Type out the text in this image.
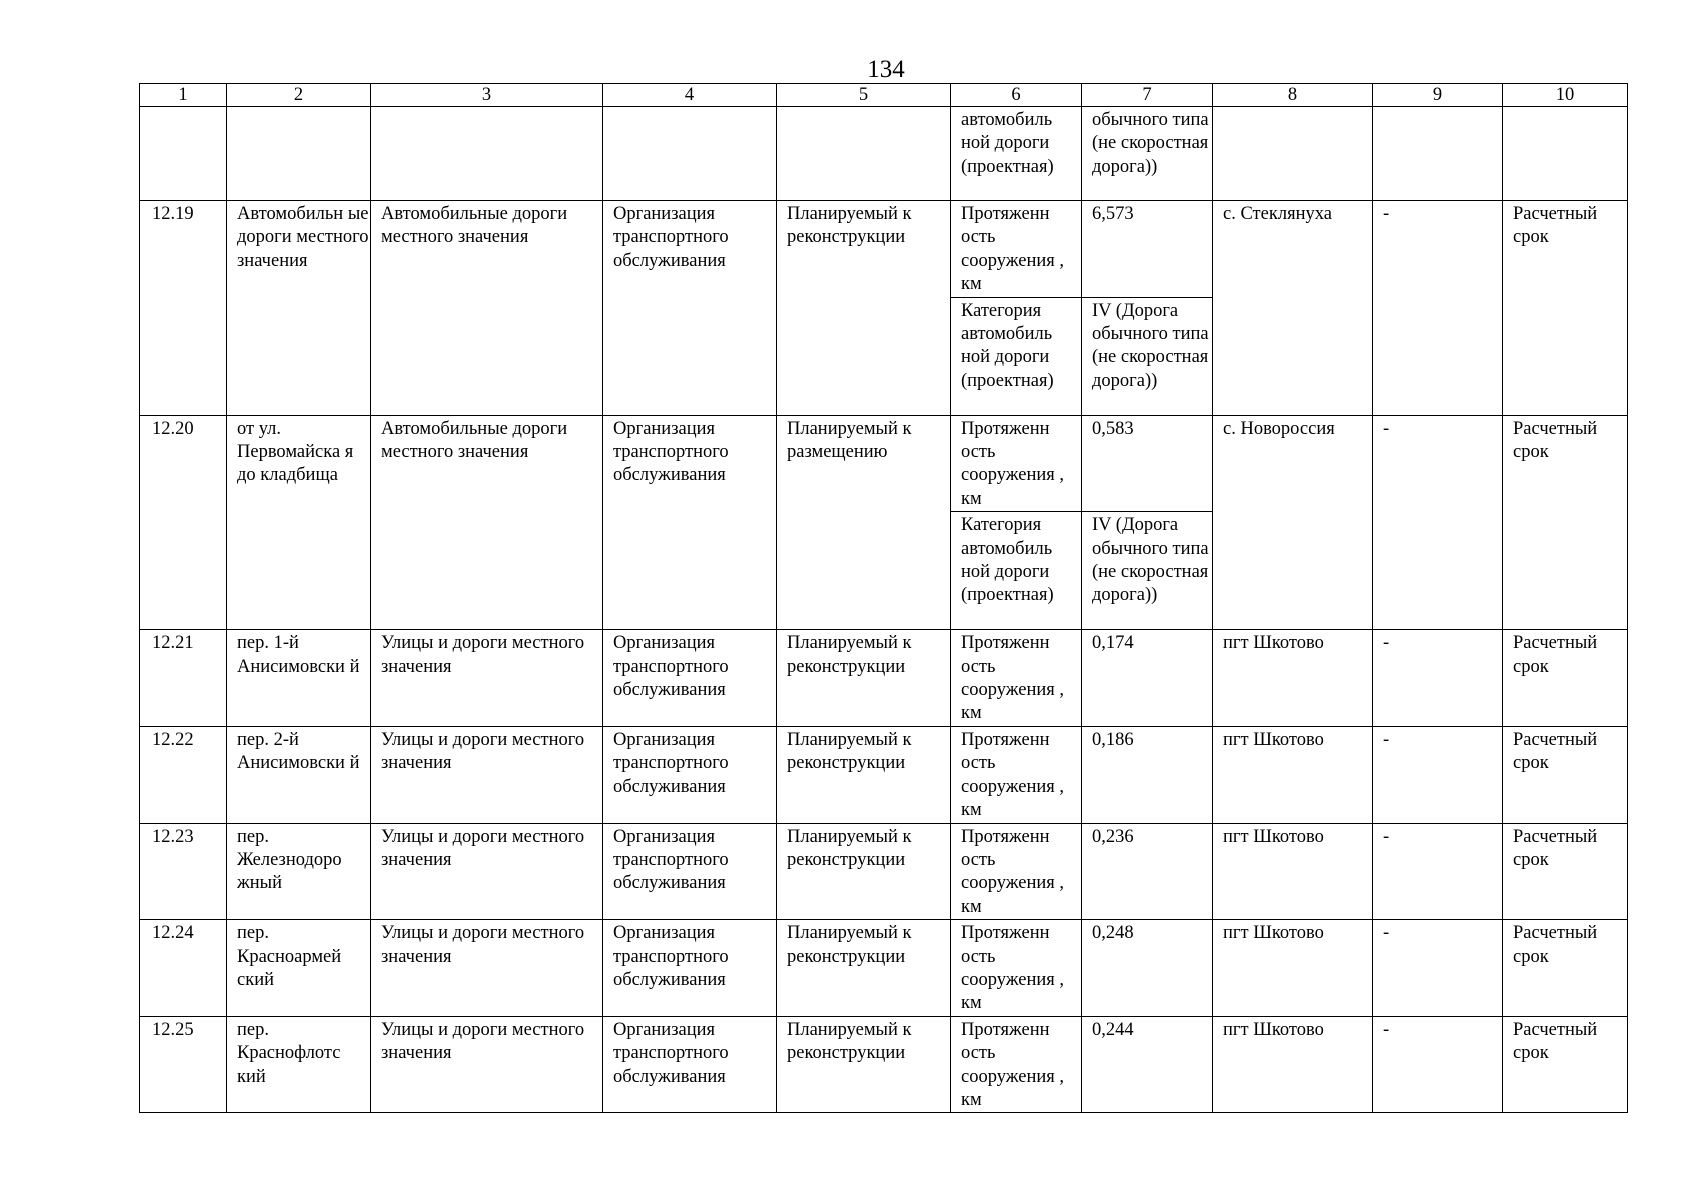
134
1	2	3	4	5	6	7	8	9	10
					автомобиль ной дороги (проектная)	обычного типа (не скоростная дорога))			
12.19	Автомобильн ые дороги местного значения	Автомобильные дороги местного значения	Организация транспортного обслуживания	Планируемый к реконструкции	Протяженн ость сооружения , км	6,573	с. Стеклянуха	-	Расчетный срок
					Категория автомобиль ной дороги (проектная)	IV (Дорога обычного типа (не скоростная дорога))			
12.20	от ул. Первомайска я до кладбища	Автомобильные дороги местного значения	Организация транспортного обслуживания	Планируемый к размещению	Протяженн ость сооружения , км	0,583	с. Новороссия	-	Расчетный срок
					Категория автомобиль ной дороги (проектная)	IV (Дорога обычного типа (не скоростная дорога))			
12.21	пер. 1-й Анисимовски й	Улицы и дороги местного значения	Организация транспортного обслуживания	Планируемый к реконструкции	Протяженн ость сооружения , км	0,174	пгт Шкотово	-	Расчетный срок
12.22	пер. 2-й Анисимовски й	Улицы и дороги местного значения	Организация транспортного обслуживания	Планируемый к реконструкции	Протяженн ость сооружения , км	0,186	пгт Шкотово	-	Расчетный срок
12.23	пер. Железнодоро жный	Улицы и дороги местного значения	Организация транспортного обслуживания	Планируемый к реконструкции	Протяженн ость сооружения , км	0,236	пгт Шкотово	-	Расчетный срок
12.24	пер. Красноармей ский	Улицы и дороги местного значения	Организация транспортного обслуживания	Планируемый к реконструкции	Протяженн ость сооружения , км	0,248	пгт Шкотово	-	Расчетный срок
12.25	пер. Краснофлотс кий	Улицы и дороги местного значения	Организация транспортного обслуживания	Планируемый к реконструкции	Протяженн ость сооружения , км	0,244	пгт Шкотово	-	Расчетный срок
